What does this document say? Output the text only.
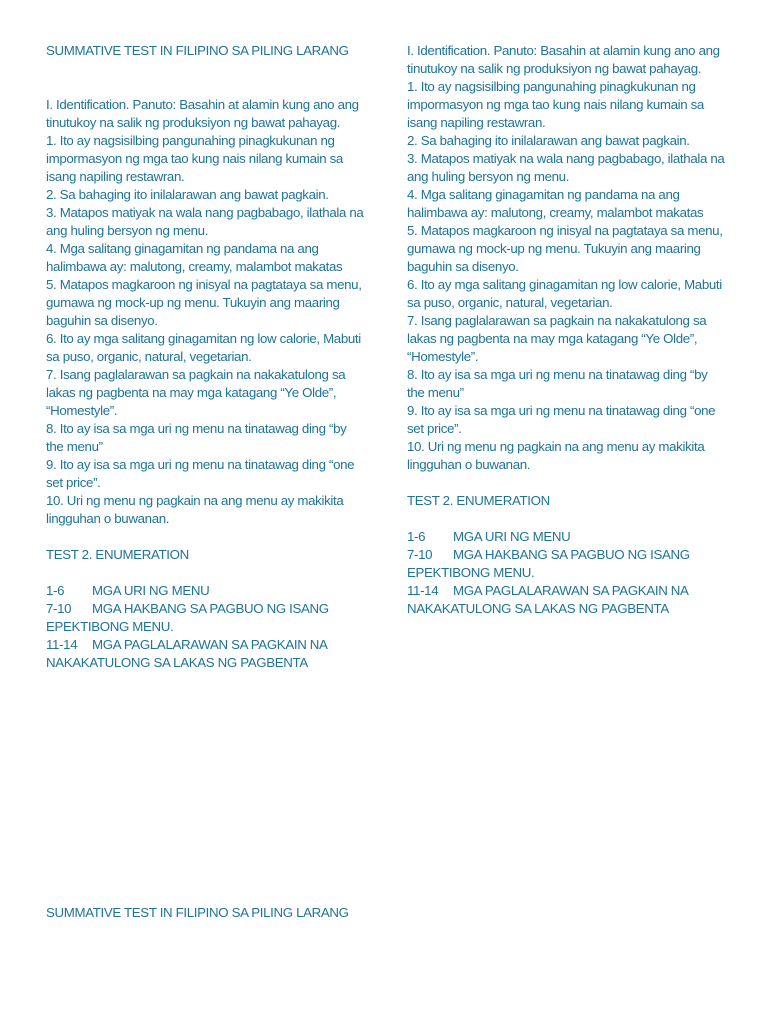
SUMMATIVE TEST IN FILIPINO SA PILING LARANG

I. Identification. Panuto: Basahin at alamin kung ano ang tinutukoy na salik ng produksiyon ng bawat pahayag.

1. Ito ay nagsisilbing pangunahing pinagkukunan ng impormasyon ng mga tao kung nais nilang kumain sa isang napiling restawran.

2. Sa bahaging ito inilalarawan ang bawat pagkain.

3. Matapos matiyak na wala nang pagbabago, ilathala na ang huling bersyon ng menu.

4. Mga salitang ginagamitan ng pandama na ang halimbawa ay: malutong, creamy, malambot makatas

5. Matapos magkaroon ng inisyal na pagtataya sa menu, gumawa ng mock-up ng menu. Tukuyin ang maaring baguhin sa disenyo.

6. Ito ay mga salitang ginagamitan ng low calorie, Mabuti sa puso, organic, natural, vegetarian.

7. Isang paglalarawan sa pagkain na nakakatulong sa lakas ng pagbenta na may mga katagang “Ye Olde”, “Homestyle”.

8. Ito ay isa sa mga uri ng menu na tinatawag ding “by the menu”

9. Ito ay isa sa mga uri ng menu na tinatawag ding “one set price”.

10. Uri ng menu ng pagkain na ang menu ay makikita lingguhan o buwanan.

TEST 2. ENUMERATION

1-6 MGA URI NG MENU

7-10 MGA HAKBANG SA PAGBUO NG ISANG EPEKTIBONG MENU.

11-14 MGA PAGLALARAWAN SA PAGKAIN NA NAKAKATULONG SA LAKAS NG PAGBENTA

I. Identification. Panuto: Basahin at alamin kung ano ang tinutukoy na salik ng produksiyon ng bawat pahayag.

1. Ito ay nagsisilbing pangunahing pinagkukunan ng impormasyon ng mga tao kung nais nilang kumain sa isang napiling restawran.

2. Sa bahaging ito inilalarawan ang bawat pagkain.

3. Matapos matiyak na wala nang pagbabago, ilathala na ang huling bersyon ng menu.

4. Mga salitang ginagamitan ng pandama na ang halimbawa ay: malutong, creamy, malambot makatas

5. Matapos magkaroon ng inisyal na pagtataya sa menu, gumawa ng mock-up ng menu. Tukuyin ang maaring baguhin sa disenyo.

6. Ito ay mga salitang ginagamitan ng low calorie, Mabuti sa puso, organic, natural, vegetarian.

7. Isang paglalarawan sa pagkain na nakakatulong sa lakas ng pagbenta na may mga katagang “Ye Olde”, “Homestyle”.

8. Ito ay isa sa mga uri ng menu na tinatawag ding “by the menu”

9. Ito ay isa sa mga uri ng menu na tinatawag ding “one set price”.

10. Uri ng menu ng pagkain na ang menu ay makikita lingguhan o buwanan.

TEST 2. ENUMERATION

1-6 MGA URI NG MENU

7-10 MGA HAKBANG SA PAGBUO NG ISANG EPEKTIBONG MENU.

11-14 MGA PAGLALARAWAN SA PAGKAIN NA NAKAKATULONG SA LAKAS NG PAGBENTA

SUMMATIVE TEST IN FILIPINO SA PILING LARANG
